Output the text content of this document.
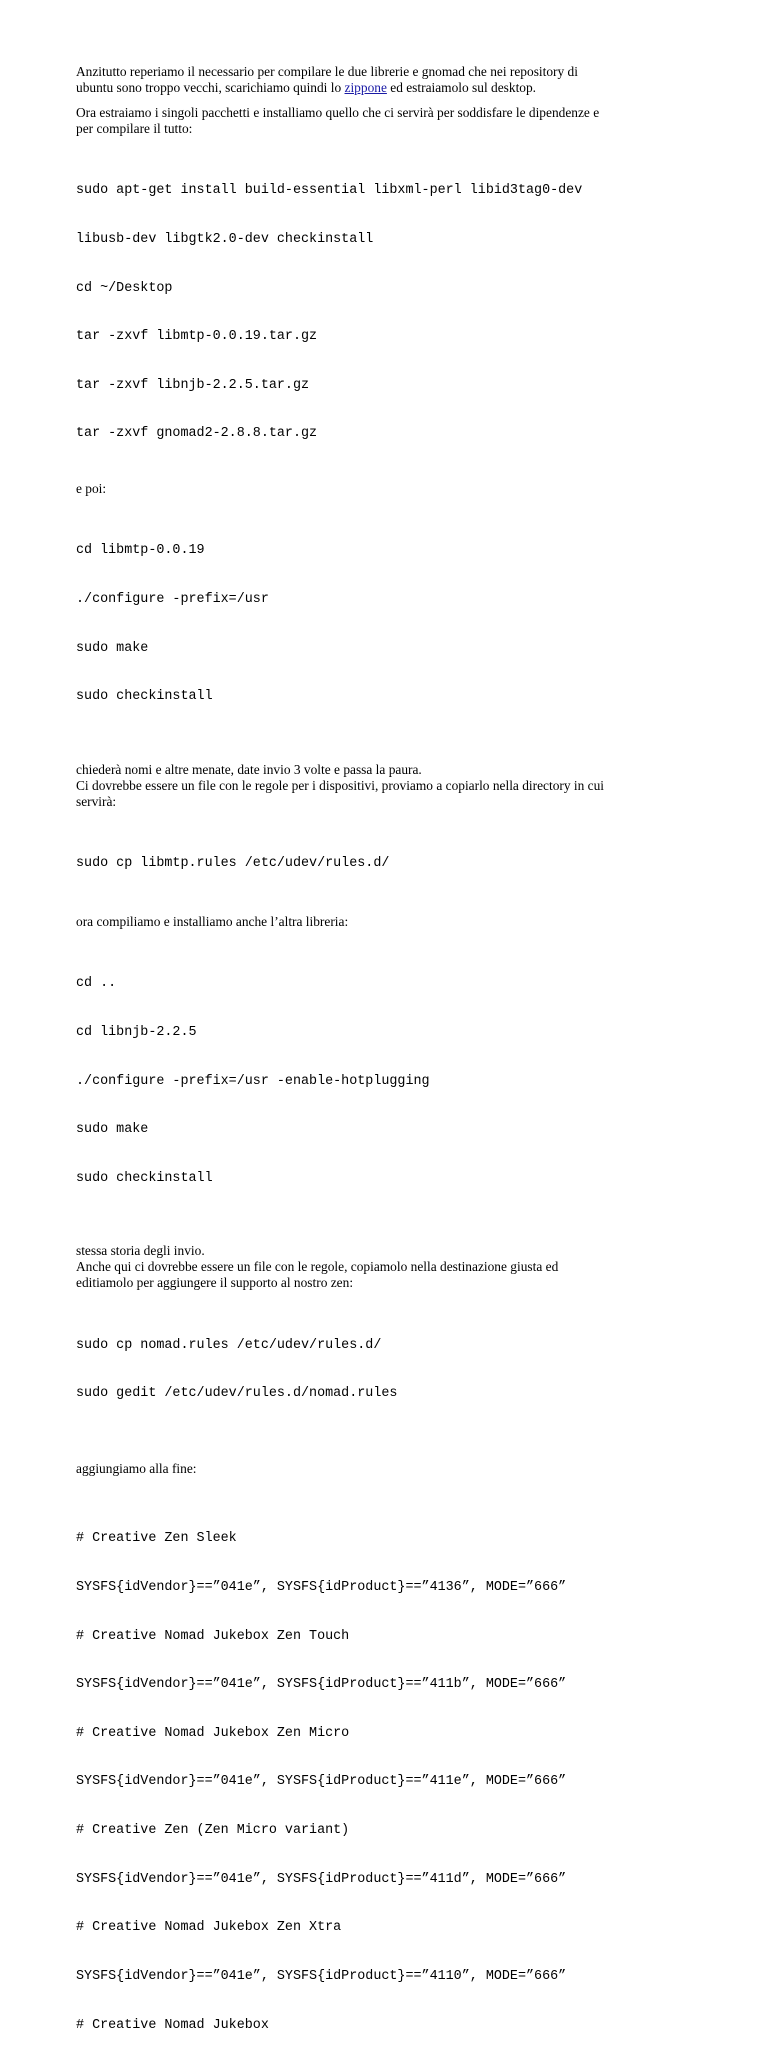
Anzitutto reperiamo il necessario per compilare le due librerie e gnomad che nei repository di
ubuntu sono troppo vecchi, scarichiamo quindi lo zippone ed estraiamolo sul desktop.

Ora estraiamo i singoli pacchetti e installiamo quello che ci servirà per soddisfare le dipendenze e
per compilare il tutto:

sudo apt-get install build-essential libxml-perl libid3tag0-dev

libusb-dev libgtk2.0-dev checkinstall

cd ~/Desktop

tar -zxvf libmtp-0.0.19.tar.gz

tar -zxvf libnjb-2.2.5.tar.gz

tar -zxvf gnomad2-2.8.8.tar.gz

e poi:

cd libmtp-0.0.19

./configure -prefix=/usr

sudo make

sudo checkinstall

chiederà nomi e altre menate, date invio 3 volte e passa la paura.
Ci dovrebbe essere un file con le regole per i dispositivi, proviamo a copiarlo nella directory in cui
servirà:

sudo cp libmtp.rules /etc/udev/rules.d/

ora compiliamo e installiamo anche l’altra libreria:

cd ..

cd libnjb-2.2.5

./configure -prefix=/usr -enable-hotplugging

sudo make

sudo checkinstall

stessa storia degli invio.
Anche qui ci dovrebbe essere un file con le regole, copiamolo nella destinazione giusta ed
editiamolo per aggiungere il supporto al nostro zen:

sudo cp nomad.rules /etc/udev/rules.d/

sudo gedit /etc/udev/rules.d/nomad.rules

aggiungiamo alla fine:

# Creative Zen Sleek

SYSFS{idVendor}==”041e”, SYSFS{idProduct}==”4136”, MODE=”666”

# Creative Nomad Jukebox Zen Touch

SYSFS{idVendor}==”041e”, SYSFS{idProduct}==”411b”, MODE=”666”

# Creative Nomad Jukebox Zen Micro

SYSFS{idVendor}==”041e”, SYSFS{idProduct}==”411e”, MODE=”666”

# Creative Zen (Zen Micro variant)

SYSFS{idVendor}==”041e”, SYSFS{idProduct}==”411d”, MODE=”666”

# Creative Nomad Jukebox Zen Xtra

SYSFS{idVendor}==”041e”, SYSFS{idProduct}==”4110”, MODE=”666”

# Creative Nomad Jukebox
